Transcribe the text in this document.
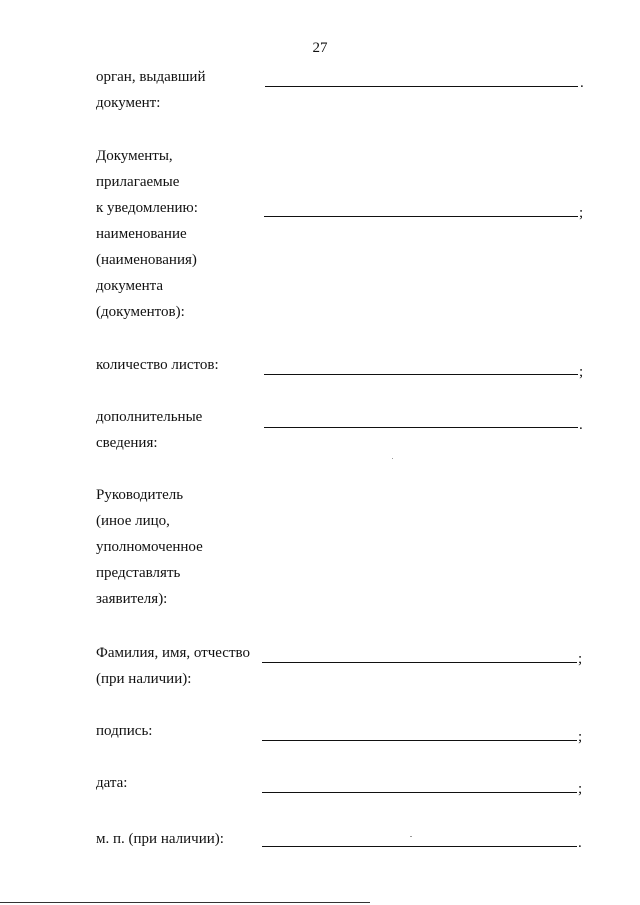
27
орган, выдавший
документ:
.
Документы,
прилагаемые
к уведомлению:
наименование
(наименования)
документа
(документов):
;
количество листов:	;
дополнительные
сведения:
.
Руководитель
(иное лицо,
уполномоченное
представлять
заявителя):
Фамилия, имя, отчество
(при наличии):
;
подпись:	;
дата:	;
м. п. (при наличии):	.
